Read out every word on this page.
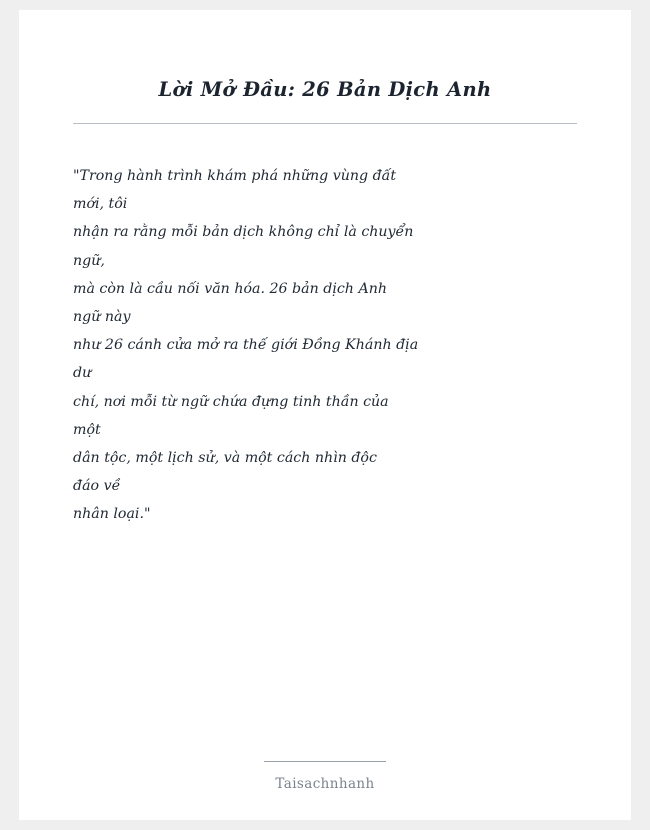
Lời Mở Đầu: 26 Bản Dịch Anh
"Trong hành trình khám phá những vùng đất
mới, tôi
nhận ra rằng mỗi bản dịch không chỉ là chuyển
ngữ,
mà còn là cầu nối văn hóa. 26 bản dịch Anh
ngữ này
như 26 cánh cửa mở ra thế giới Đồng Khánh địa
dư
chí, nơi mỗi từ ngữ chứa đựng tinh thần của
một
dân tộc, một lịch sử, và một cách nhìn độc
đáo về
nhân loại."
Taisachnhanh
